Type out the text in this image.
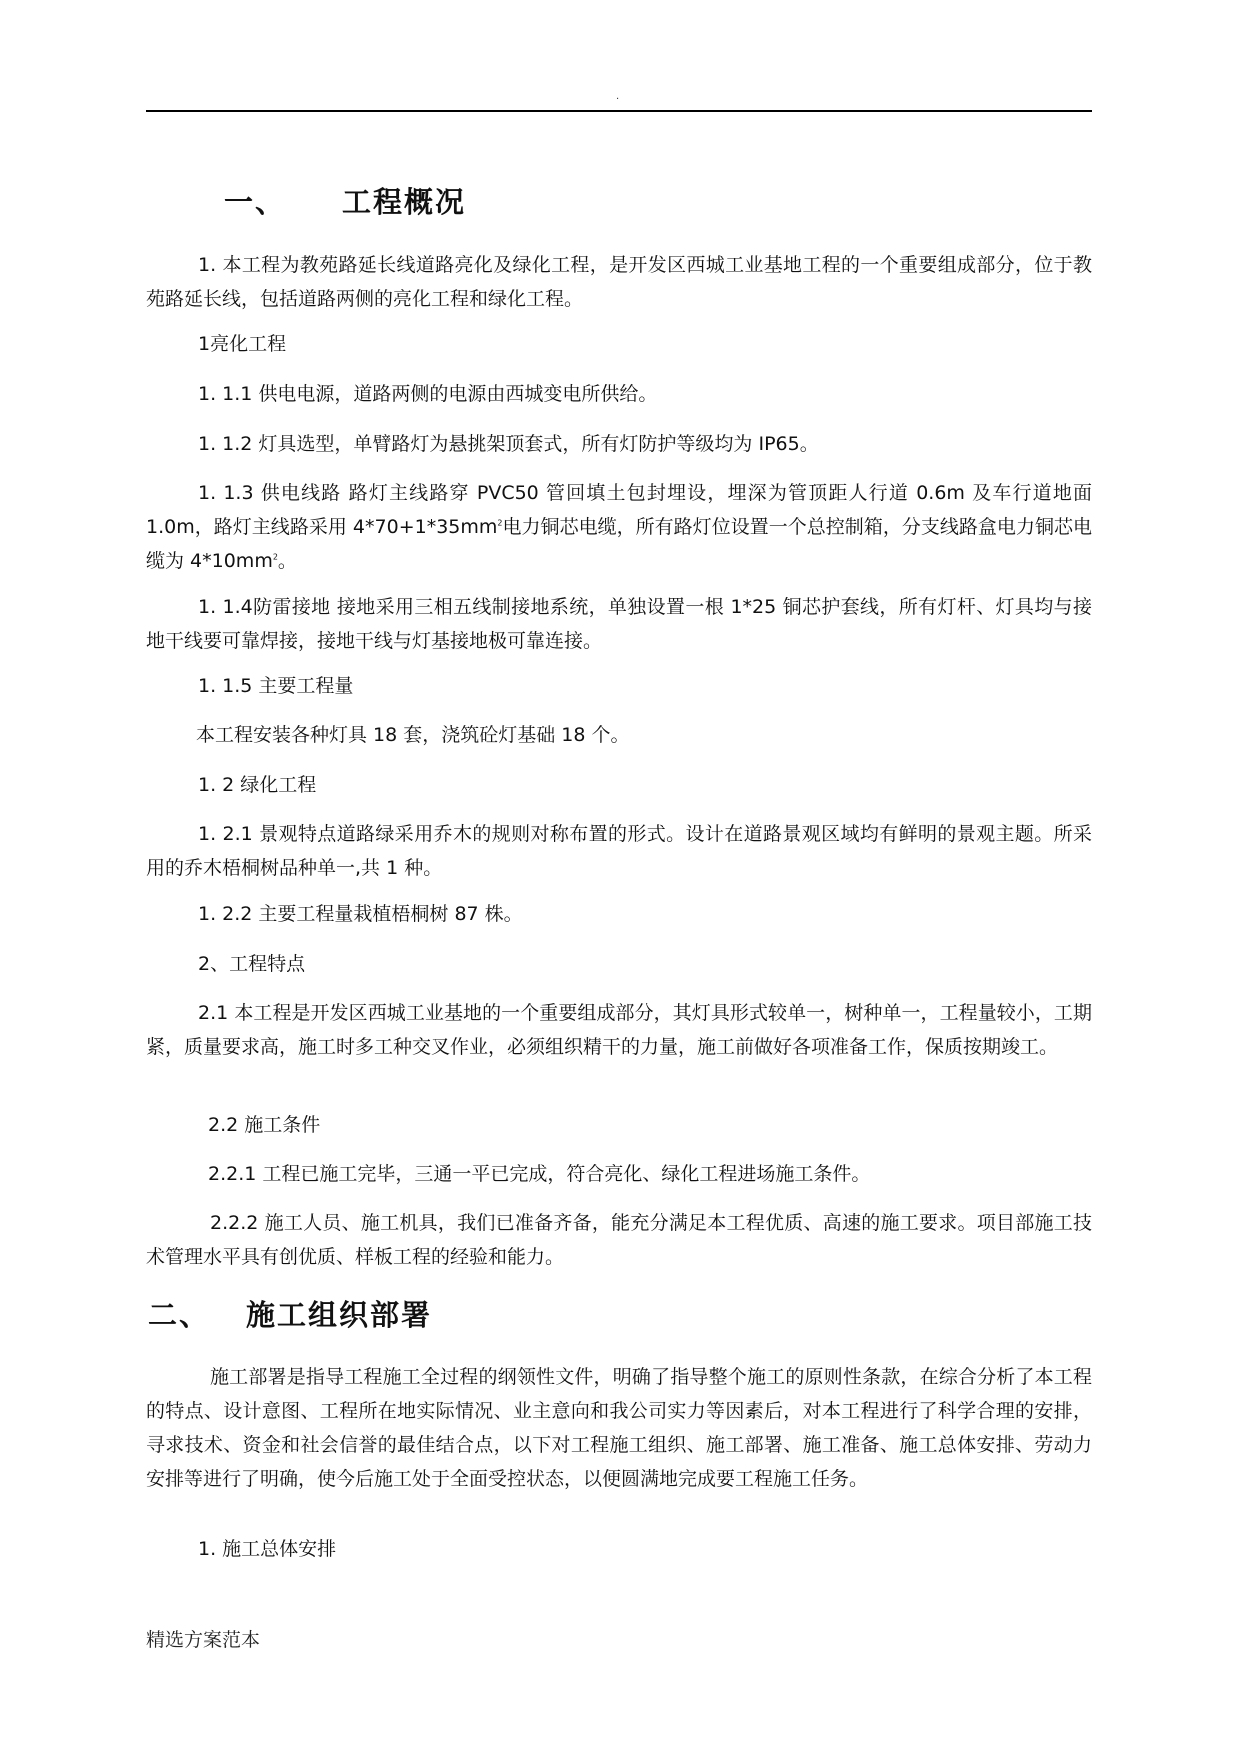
.
一、 工程概况

1. 本工程为教苑路延长线道路亮化及绿化工程，是开发区西城工业基地工程的一个重要组成部分，位于教苑路延长线，包括道路两侧的亮化工程和绿化工程。

1亮化工程

1. 1.1 供电电源，道路两侧的电源由西城变电所供给。

1. 1.2 灯具选型，单臂路灯为悬挑架顶套式，所有灯防护等级均为 IP65。

1. 1.3 供电线路 路灯主线路穿 PVC50 管回填土包封埋设，埋深为管顶距人行道 0.6m 及车行道地面 1.0m，路灯主线路采用 $4*70+1*35mm^2$电力铜芯电缆，所有路灯位设置一个总控制箱，分支线路盒电力铜芯电缆为 $4*10mm^2$。

1. 1.4防雷接地 接地采用三相五线制接地系统，单独设置一根 1*25 铜芯护套线，所有灯杆、灯具均与接地干线要可靠焊接，接地干线与灯基接地极可靠连接。

1. 1.5 主要工程量

本工程安装各种灯具 18 套，浇筑砼灯基础 18 个。

1. 2 绿化工程

1. 2.1 景观特点道路绿采用乔木的规则对称布置的形式。设计在道路景观区域均有鲜明的景观主题。所采用的乔木梧桐树品种单一,共 1 种。

1. 2.2 主要工程量栽植梧桐树 87 株。

2、工程特点

2.1 本工程是开发区西城工业基地的一个重要组成部分，其灯具形式较单一，树种单一，工程量较小，工期紧，质量要求高，施工时多工种交叉作业，必须组织精干的力量，施工前做好各项准备工作，保质按期竣工。

2.2 施工条件

2.2.1 工程已施工完毕，三通一平已完成，符合亮化、绿化工程进场施工条件。

2.2.2 施工人员、施工机具，我们已准备齐备，能充分满足本工程优质、高速的施工要求。项目部施工技术管理水平具有创优质、样板工程的经验和能力。

二、 施工组织部署

施工部署是指导工程施工全过程的纲领性文件，明确了指导整个施工的原则性条款，在综合分析了本工程的特点、设计意图、工程所在地实际情况、业主意向和我公司实力等因素后，对本工程进行了科学合理的安排，寻求技术、资金和社会信誉的最佳结合点，以下对工程施工组织、施工部署、施工准备、施工总体安排、劳动力安排等进行了明确，使今后施工处于全面受控状态，以便圆满地完成要工程施工任务。

1. 施工总体安排

精选方案范本
